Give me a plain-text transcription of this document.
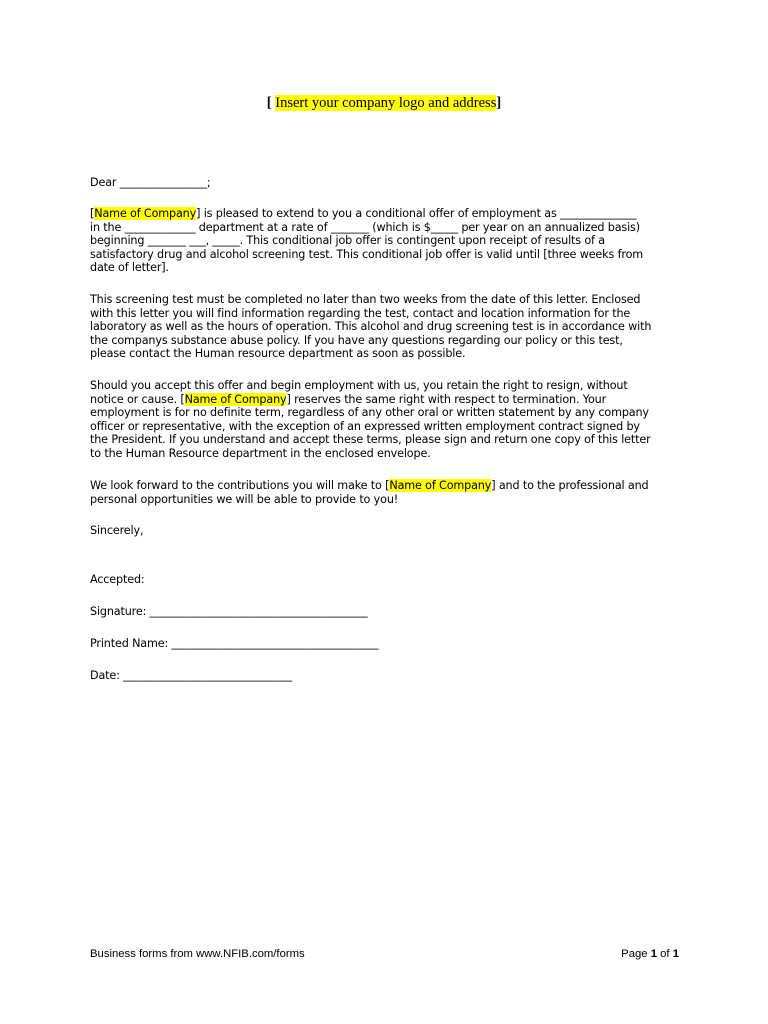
[ Insert your company logo and address]
Dear ________________;
[Name of Company] is pleased to extend to you a conditional offer of employment as ______________
in the _____________ department at a rate of _______ (which is $_____ per year on an annualized basis)
beginning _______ ___, _____. This conditional job offer is contingent upon receipt of results of a
satisfactory drug and alcohol screening test. This conditional job offer is valid until [three weeks from
date of letter].
This screening test must be completed no later than two weeks from the date of this letter. Enclosed
with this letter you will find information regarding the test, contact and location information for the
laboratory as well as the hours of operation. This alcohol and drug screening test is in accordance with
the companys substance abuse policy. If you have any questions regarding our policy or this test,
please contact the Human resource department as soon as possible.
Should you accept this offer and begin employment with us, you retain the right to resign, without
notice or cause. [Name of Company] reserves the same right with respect to termination. Your
employment is for no definite term, regardless of any other oral or written statement by any company
officer or representative, with the exception of an expressed written employment contract signed by
the President. If you understand and accept these terms, please sign and return one copy of this letter
to the Human Resource department in the enclosed envelope.
We look forward to the contributions you will make to [Name of Company] and to the professional and
personal opportunities we will be able to provide to you!
Sincerely,
Accepted:
Signature: ________________________________________
Printed Name: ______________________________________
Date: _______________________________
Business forms from www.NFIB.com/forms	Page 1 of 1
